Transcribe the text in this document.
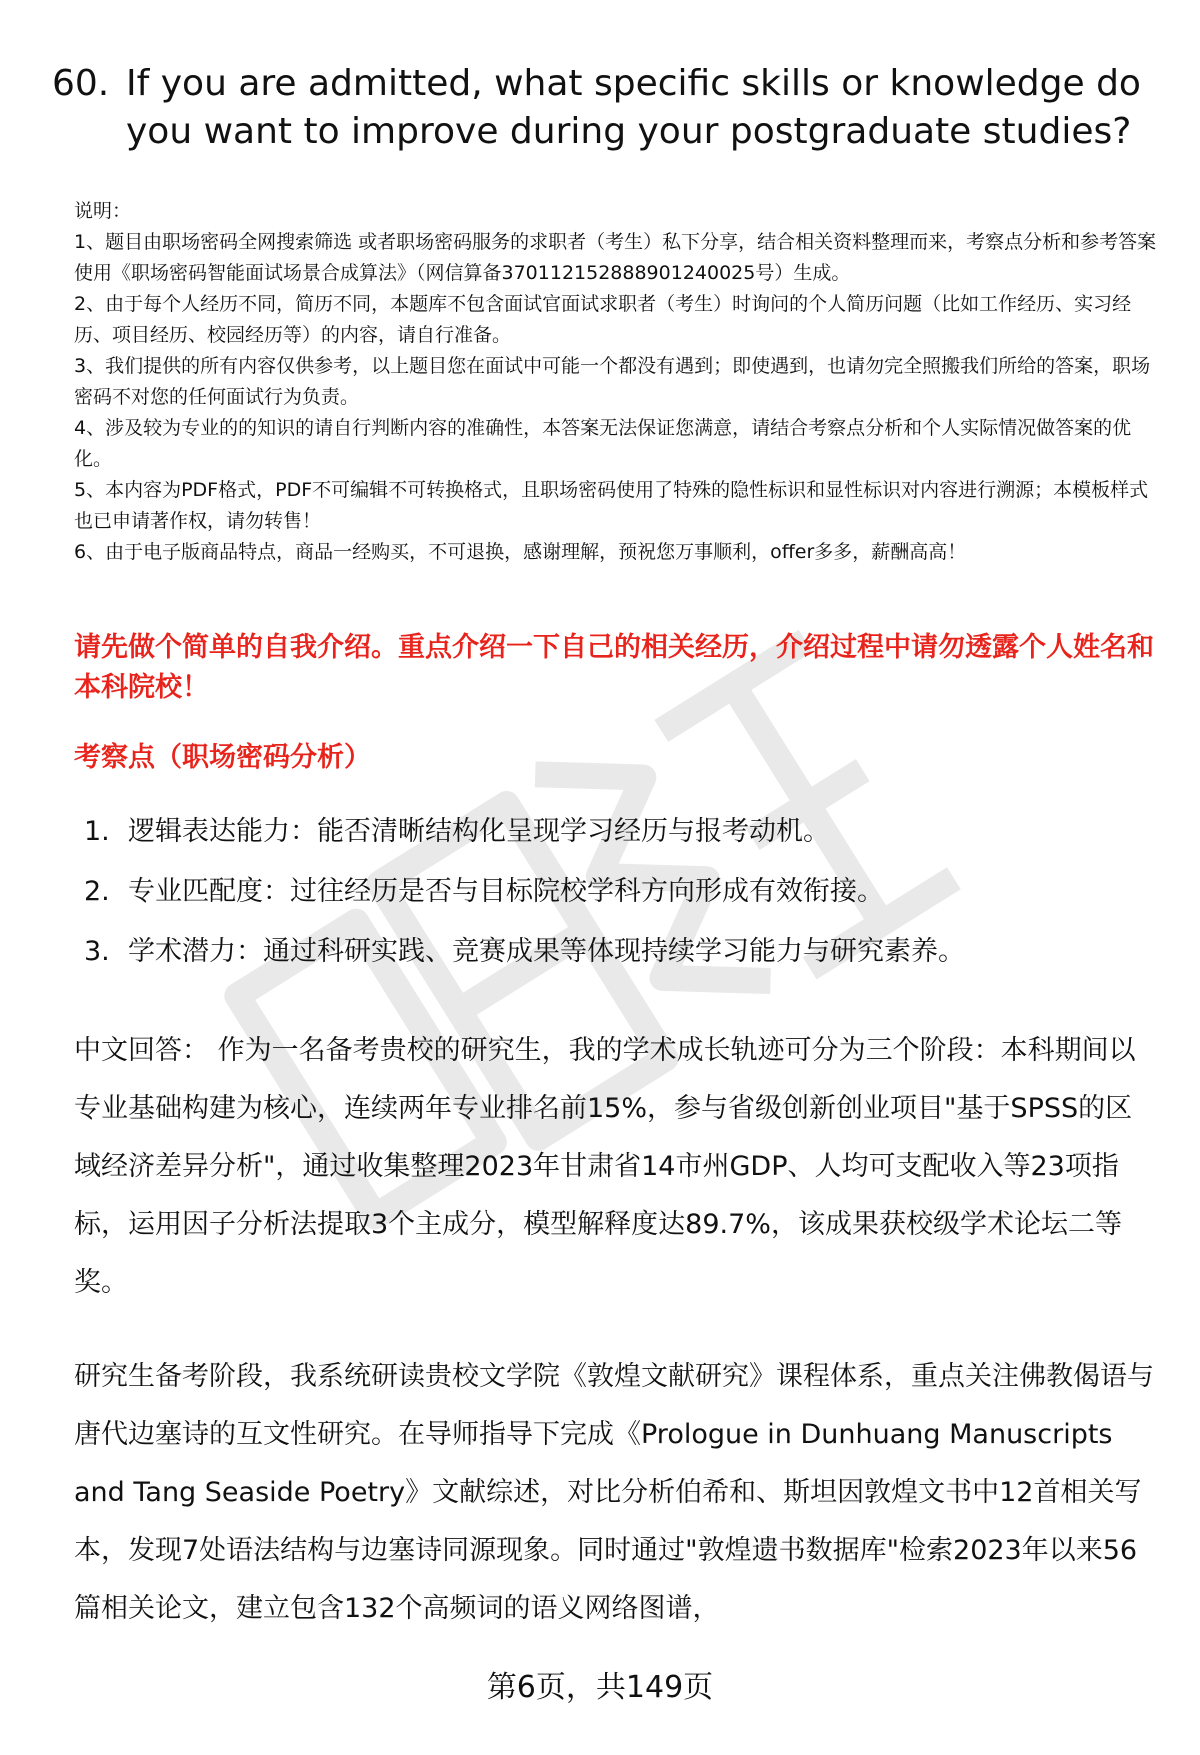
60. If you are admitted, what specific skills or knowledge do you want to improve during your postgraduate studies?

说明：

1、题目由职场密码全网搜索筛选 或者职场密码服务的求职者（考生）私下分享，结合相关资料整理而来，考察点分析和参考答案使用《职场密码智能面试场景合成算法》（网信算备370112152888901240025号）生成。

2、由于每个人经历不同，简历不同，本题库不包含面试官面试求职者（考生）时询问的个人简历问题（比如工作经历、实习经历、项目经历、校园经历等）的内容，请自行准备。

3、我们提供的所有内容仅供参考，以上题目您在面试中可能一个都没有遇到；即使遇到，也请勿完全照搬我们所给的答案，职场密码不对您的任何面试行为负责。

4、涉及较为专业的的知识的请自行判断内容的准确性，本答案无法保证您满意，请结合考察点分析和个人实际情况做答案的优化。

5、本内容为PDF格式，PDF不可编辑不可转换格式，且职场密码使用了特殊的隐性标识和显性标识对内容进行溯源；本模板样式也已申请著作权，请勿转售！

6、由于电子版商品特点，商品一经购买，不可退换，感谢理解，预祝您万事顺利，offer多多，薪酬高高！

请先做个简单的自我介绍。重点介绍一下自己的相关经历，介绍过程中请勿透露个人姓名和本科院校！
考察点（职场密码分析）
1. 逻辑表达能力：能否清晰结构化呈现学习经历与报考动机。
2. 专业匹配度：过往经历是否与目标院校学科方向形成有效衔接。
3. 学术潜力：通过科研实践、竞赛成果等体现持续学习能力与研究素养。

中文回答： 作为一名备考贵校的研究生，我的学术成长轨迹可分为三个阶段：本科期间以专业基础构建为核心，连续两年专业排名前15%，参与省级创新创业项目"基于SPSS的区域经济差异分析"，通过收集整理2023年甘肃省14市州GDP、人均可支配收入等23项指标，运用因子分析法提取3个主成分，模型解释度达89.7%，该成果获校级学术论坛二等奖。

研究生备考阶段，我系统研读贵校文学院《敦煌文献研究》课程体系，重点关注佛教偈语与唐代边塞诗的互文性研究。在导师指导下完成《Prologue in Dunhuang Manuscripts and Tang Seaside Poetry》文献综述，对比分析伯希和、斯坦因敦煌文书中12首相关写本，发现7处语法结构与边塞诗同源现象。同时通过"敦煌遗书数据库"检索2023年以来56篇相关论文，建立包含132个高频词的语义网络图谱，

第6页，共149页
